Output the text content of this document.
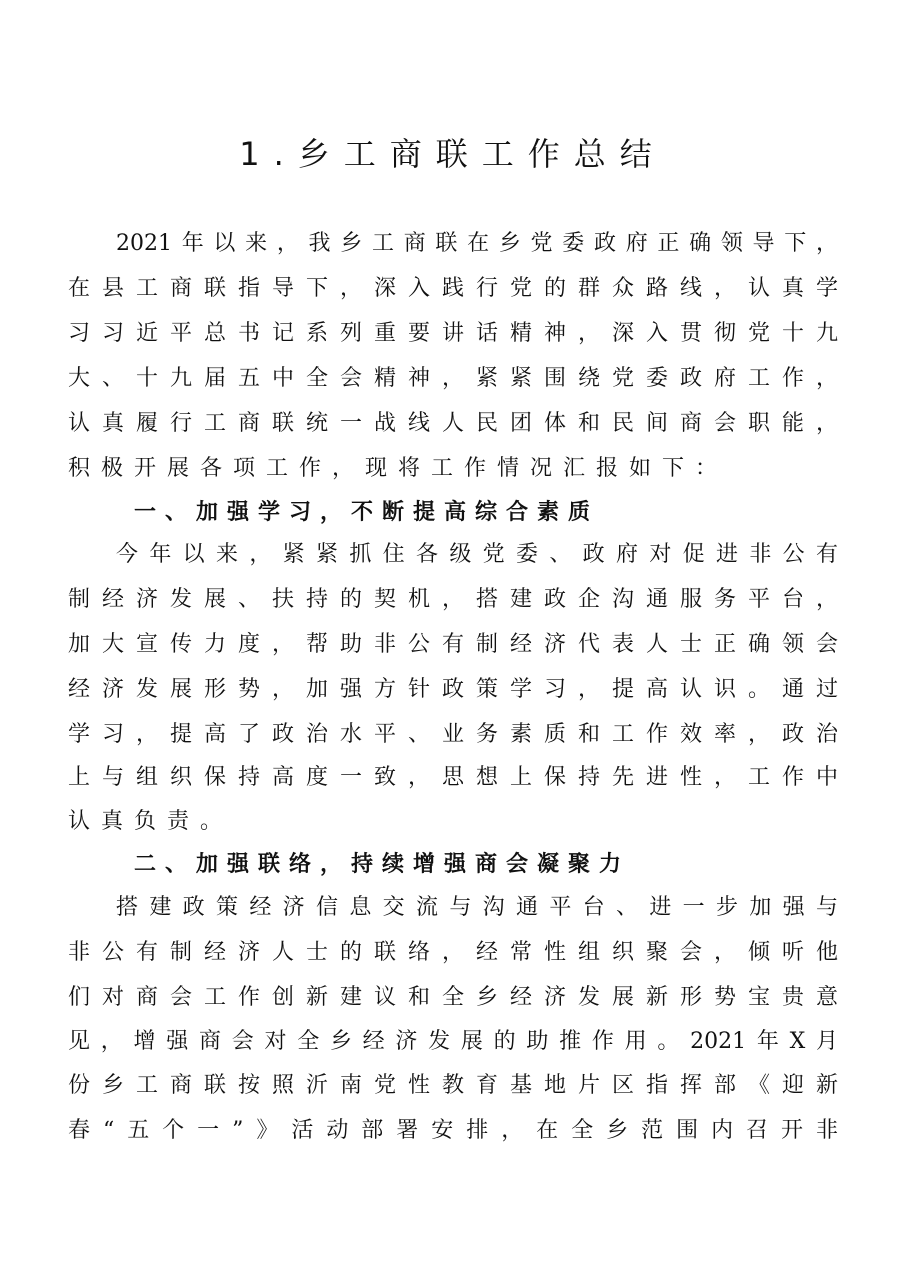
1.乡工商联工作总结
2021年以来，我乡工商联在乡党委政府正确领导下，
在县工商联指导下，深入践行党的群众路线，认真学
习习近平总书记系列重要讲话精神，深入贯彻党十九
大、十九届五中全会精神，紧紧围绕党委政府工作，
认真履行工商联统一战线人民团体和民间商会职能，
积极开展各项工作，现将工作情况汇报如下：
一、加强学习，不断提高综合素质
今年以来，紧紧抓住各级党委、政府对促进非公有
制经济发展、扶持的契机，搭建政企沟通服务平台，
加大宣传力度，帮助非公有制经济代表人士正确领会
经济发展形势，加强方针政策学习，提高认识。通过
学习，提高了政治水平、业务素质和工作效率，政治
上与组织保持高度一致，思想上保持先进性，工作中
认真负责。
二、加强联络，持续增强商会凝聚力
搭建政策经济信息交流与沟通平台、进一步加强与
非公有制经济人士的联络，经常性组织聚会，倾听他
们对商会工作创新建议和全乡经济发展新形势宝贵意
见，增强商会对全乡经济发展的助推作用。2021年X月
份乡工商联按照沂南党性教育基地片区指挥部《迎新
春“五个一”》活动部署安排，在全乡范围内召开非
